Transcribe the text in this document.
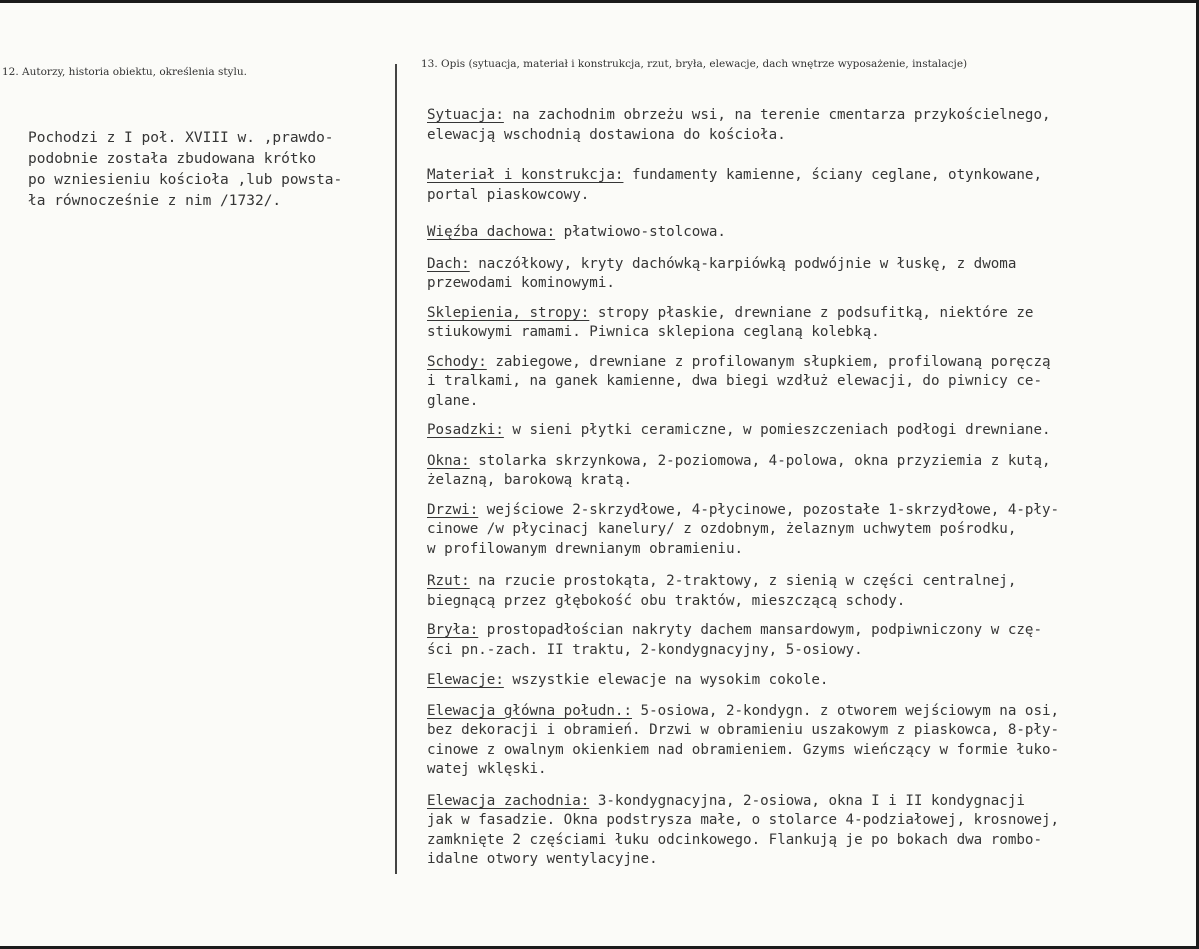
12. Autorzy, historia obiektu, określenia stylu.
13. Opis (sytuacja, materiał i konstrukcja, rzut, bryła, elewacje, dach wnętrze wyposażenie, instalacje)
Pochodzi z I poł. XVIII w. ,prawdo-
podobnie została zbudowana krótko
po wzniesieniu kościoła ,lub powsta-
ła równocześnie z nim /1732/.

Sytuacja: na zachodnim obrzeżu wsi, na terenie cmentarza przykościelnego,
elewacją wschodnią dostawiona do kościoła.

Materiał i konstrukcja: fundamenty kamienne, ściany ceglane, otynkowane,
portal piaskowcowy.

Więźba dachowa: płatwiowo-stolcowa.

Dach: naczółkowy, kryty dachówką-karpiówką podwójnie w łuskę, z dwoma
przewodami kominowymi.

Sklepienia, stropy: stropy płaskie, drewniane z podsufitką, niektóre ze
stiukowymi ramami. Piwnica sklepiona ceglaną kolebką.

Schody: zabiegowe, drewniane z profilowanym słupkiem, profilowaną poręczą
i tralkami, na ganek kamienne, dwa biegi wzdłuż elewacji, do piwnicy ce-
glane.

Posadzki: w sieni płytki ceramiczne, w pomieszczeniach podłogi drewniane.

Okna: stolarka skrzynkowa, 2-poziomowa, 4-polowa, okna przyziemia z kutą,
żelazną, barokową kratą.

Drzwi: wejściowe 2-skrzydłowe, 4-płycinowe, pozostałe 1-skrzydłowe, 4-pły-
cinowe /w płycinacj kanelury/ z ozdobnym, żelaznym uchwytem pośrodku,
w profilowanym drewnianym obramieniu.

Rzut: na rzucie prostokąta, 2-traktowy, z sienią w części centralnej,
biegnącą przez głębokość obu traktów, mieszczącą schody.

Bryła: prostopadłościan nakryty dachem mansardowym, podpiwniczony w czę-
ści pn.-zach. II traktu, 2-kondygnacyjny, 5-osiowy.

Elewacje: wszystkie elewacje na wysokim cokole.

Elewacja główna połudn.: 5-osiowa, 2-kondygn. z otworem wejściowym na osi,
bez dekoracji i obramień. Drzwi w obramieniu uszakowym z piaskowca, 8-pły-
cinowe z owalnym okienkiem nad obramieniem. Gzyms wieńczący w formie łuko-
watej wklęski.

Elewacja zachodnia: 3-kondygnacyjna, 2-osiowa, okna I i II kondygnacji
jak w fasadzie. Okna podstrysza małe, o stolarce 4-podziałowej, krosnowej,
zamknięte 2 częściami łuku odcinkowego. Flankują je po bokach dwa rombo-
idalne otwory wentylacyjne.
